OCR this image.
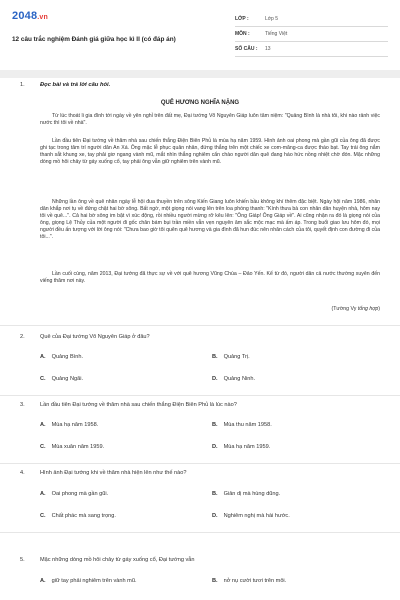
2048.vn
12 câu trắc nghiệm Đánh giá giữa học kì II (có đáp án)
LỚP :	Lớp 5
MÔN :	Tiếng Việt
SỐ CÂU :	13
1.	Đọc bài và trả lời câu hỏi.
QUÊ HƯƠNG NGHĨA NẶNG

Từ lúc thoát li gia đình tới ngày về yên nghỉ trên đất mẹ, Đại tướng Võ Nguyên Giáp luôn tâm niệm: "Quảng Bình là nhà tôi, khi nào rảnh việc nước thì tôi về nhà".

Lần đầu tiên Đại tướng về thăm nhà sau chiến thắng Điện Biên Phủ là mùa hạ năm 1959. Hình ảnh oai phong mà gần gũi của ông đã được ghi tạc trong tâm trí người dân An Xá. Ông mặc lễ phục quân nhân, đứng thẳng trên một chiếc xe com-măng-ca được tháo bạt. Tay trái ông nắm thanh sắt khung xe, tay phải giơ ngang vành mũ, mắt nhìn thẳng nghiêm cẩn chào người dân quê đang háo hức nồng nhiệt chờ đón. Mặc những dòng mồ hôi chảy từ gáy xuống cổ, tay phải ông vẫn giữ nghiêm trên vành mũ.

Những lần ông về quê nhân ngày lễ hội đua thuyền trên sông Kiến Giang luôn khiến bầu không khí thêm đặc biệt. Ngày hội năm 1986, nhân dân khắp nơi tụ về đứng chật hai bờ sông. Bất ngờ, một giọng nói vang lên trên loa phóng thanh: "Kính thưa bà con nhân dân huyện nhà, hôm nay tôi về quê...". Cả hai bờ sông im bặt vì xúc động, rồi nhiều người mừng rỡ kêu lên: "Ông Giáp! Ông Giáp về". Ai cũng nhận ra đó là giọng nói của ông, giọng Lệ Thủy của một người đi gốc chân bám bụi trần miền vẫn vẹn nguyên âm sắc mộc mạc mà ấm áp. Trong buổi giao lưu hôm đó, mọi người đều ấn tượng với lời ông nói: "Chưa bao giờ tôi quên quê hương và gia đình đã hun đúc nên nhân cách của tôi, quyết định con đường đi của tôi...".

Lần cuối cùng, năm 2013, Đại tướng đã thực sự về với quê hương Vũng Chùa – Đảo Yến. Kể từ đó, người dân cả nước thường xuyên đến viếng thăm nơi này.

(Tường Vy tổng hợp)
2.	Quê của Đại tướng Võ Nguyên Giáp ở đâu?
A. Quảng Bình.	B. Quảng Trị.
C. Quảng Ngãi.	D. Quảng Ninh.
3.	Lần đầu tiên Đại tướng về thăm nhà sau chiến thắng Điện Biên Phủ là lúc nào?
A. Mùa hạ năm 1958.	B. Mùa thu năm 1958.
C. Mùa xuân năm 1959.	D. Mùa hạ năm 1959.
4.	Hình ảnh Đại tướng khi về thăm nhà hiện lên như thế nào?
A. Oai phong mà gần gũi.	B. Giản dị mà hùng dũng.
C. Chất phác mà sang trọng.	D. Nghiêm nghị mà hài hước.
5.	Mặc những dòng mồ hôi chảy từ gáy xuống cổ, Đại tướng vẫn
A. giữ tay phải nghiêm trên vành mũ.	B. nở nụ cười tươi trên môi.
